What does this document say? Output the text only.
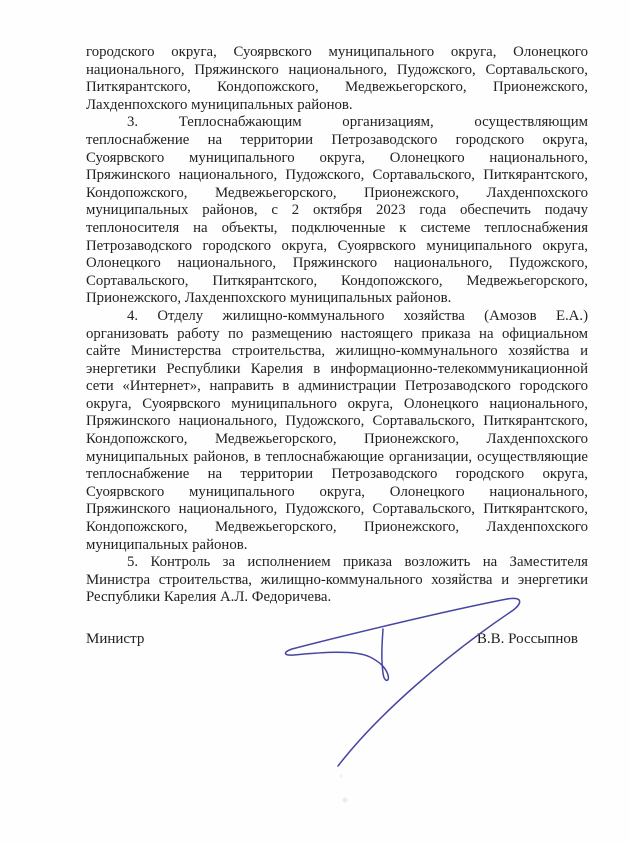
городского округа, Суоярвского муниципального округа, Олонецкого
национального, Пряжинского национального, Пудожского, Сортавальского,
Питкярантского, Кондопожского, Медвежьегорского, Прионежского,
Лахденпохского муниципальных районов.
3. Теплоснабжающим организациям, осуществляющим
теплоснабжение на территории Петрозаводского городского округа,
Суоярвского муниципального округа, Олонецкого национального,
Пряжинского национального, Пудожского, Сортавальского, Питкярантского,
Кондопожского, Медвежьегорского, Прионежского, Лахденпохского
муниципальных районов, с 2 октября 2023 года обеспечить подачу
теплоносителя на объекты, подключенные к системе теплоснабжения
Петрозаводского городского округа, Суоярвского муниципального округа,
Олонецкого национального, Пряжинского национального, Пудожского,
Сортавальского, Питкярантского, Кондопожского, Медвежьегорского,
Прионежского, Лахденпохского муниципальных районов.
4. Отделу жилищно-коммунального хозяйства (Амозов Е.А.)
организовать работу по размещению настоящего приказа на официальном
сайте Министерства строительства, жилищно-коммунального хозяйства и
энергетики Республики Карелия в информационно-телекоммуникационной
сети «Интернет», направить в администрации Петрозаводского городского
округа, Суоярвского муниципального округа, Олонецкого национального,
Пряжинского национального, Пудожского, Сортавальского, Питкярантского,
Кондопожского, Медвежьегорского, Прионежского, Лахденпохского
муниципальных районов, в теплоснабжающие организации, осуществляющие
теплоснабжение на территории Петрозаводского городского округа,
Суоярвского муниципального округа, Олонецкого национального,
Пряжинского национального, Пудожского, Сортавальского, Питкярантского,
Кондопожского, Медвежьегорского, Прионежского, Лахденпохского
муниципальных районов.
5. Контроль за исполнением приказа возложить на Заместителя
Министра строительства, жилищно-коммунального хозяйства и энергетики
Республики Карелия А.Л. Федоричева.
Министр	В.В. Россыпнов
